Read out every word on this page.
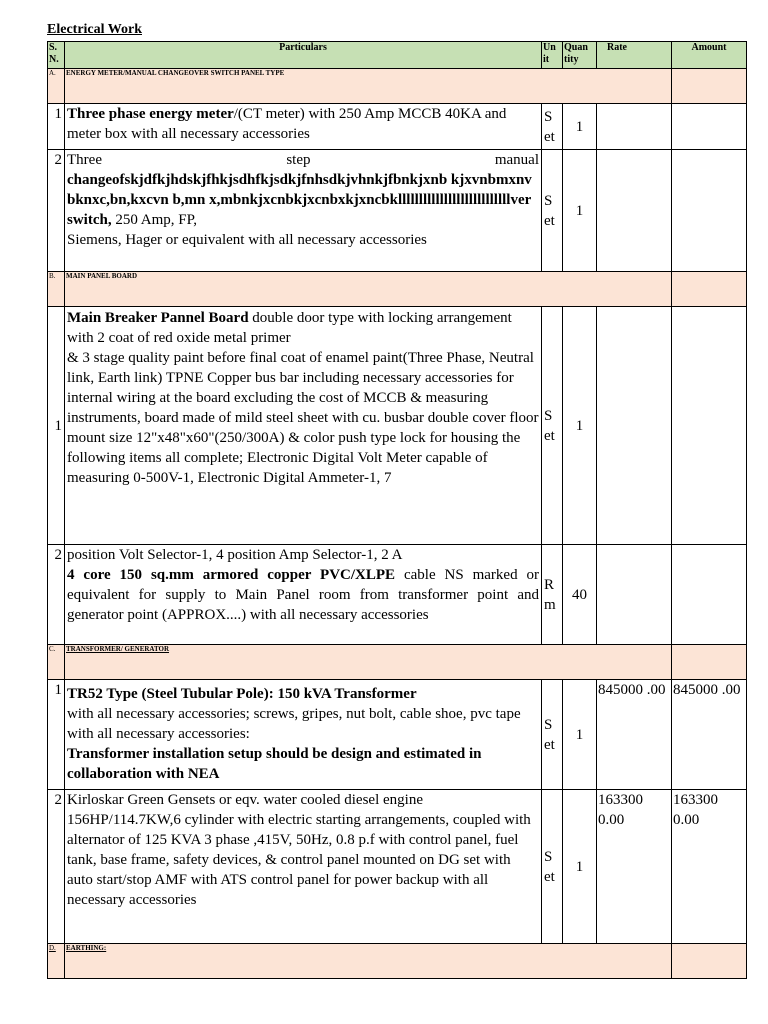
Electrical Work
S. N.	Particulars	Un it	Quan tity	Rate	Amount
A.	ENERGY METER/MANUAL CHANGEOVER SWITCH PANEL TYPE				
1	Three phase energy meter/(CT meter) with 250 Amp MCCB 40KA and meter box with all necessary accessories	S et	1		
2	Three step manual
changeofskjdfkjhdskjfhkjsdhfkjsdkjfnhsdkjvhnkjfbnkjxnb kjxvnbmxnvbknxc,bn,kxcvn b,mn x,mbnkjxcnbkjxcnbxkjxncbklllllllllllllllllllllllllllver switch, 250 Amp, FP,
Siemens, Hager or equivalent with all necessary accessories	S et	1		
B.	MAIN PANEL BOARD				
1	Main Breaker Pannel Board double door type with locking arrangement with 2 coat of red oxide metal primer
& 3 stage quality paint before final coat of enamel paint(Three Phase, Neutral link, Earth link) TPNE Copper bus bar including necessary accessories for internal wiring at the board excluding the cost of MCCB & measuring instruments, board made of mild steel sheet with cu. busbar double cover floor mount size 12"x48"x60"(250/300A) & color push type lock for housing the following items all complete; Electronic Digital Volt Meter capable of measuring 0-500V-1, Electronic Digital Ammeter-1, 7	S et	1		
2	position Volt Selector-1, 4 position Amp Selector-1, 2 A
4 core 150 sq.mm armored copper PVC/XLPE cable NS marked or equivalent for supply to Main Panel room from transformer point and generator point (APPROX....) with all necessary accessories	R m	40		
C.	TRANSFORMER/ GENERATOR				
1	TR52 Type (Steel Tubular Pole): 150 kVA Transformer
with all necessary accessories; screws, gripes, nut bolt, cable shoe, pvc tape with all necessary accessories:
Transformer installation setup should be design and estimated in collaboration with NEA	S et	1	845000 .00	845000 .00
2	Kirloskar Green Gensets or eqv. water cooled diesel engine 156HP/114.7KW,6 cylinder with electric starting arrangements, coupled with alternator of 125 KVA 3 phase ,415V, 50Hz, 0.8 p.f with control panel, fuel tank, base frame, safety devices, & control panel mounted on DG set with auto start/stop AMF with ATS control panel for power backup with all necessary accessories	S et	1	163300 0.00	163300 0.00
D.	EARTHING:				
